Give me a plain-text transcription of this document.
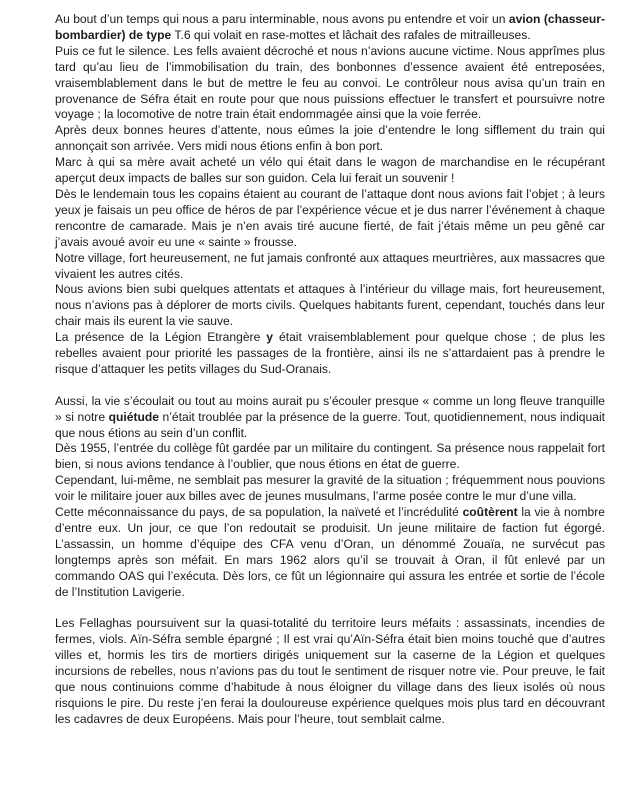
Au bout d’un temps qui nous a paru interminable, nous avons pu entendre et voir un avion (chasseur-bombardier) de type T.6 qui volait en rase-mottes et lâchait des rafales de mitrailleuses.

Puis ce fut le silence. Les fells avaient décroché et nous n’avions aucune victime. Nous apprîmes plus tard qu’au lieu de l’immobilisation du train, des bonbonnes d’essence avaient été entreposées, vraisemblablement dans le but de mettre le feu au convoi. Le contrôleur nous avisa qu’un train en provenance de Séfra était en route pour que nous puissions effectuer le transfert et poursuivre notre voyage ; la locomotive de notre train était endommagée ainsi que la voie ferrée.

Après deux bonnes heures d’attente, nous eûmes la joie d’entendre le long sifflement du train qui annonçait son arrivée. Vers midi nous étions enfin à bon port.

Marc à qui sa mère avait acheté un vélo qui était dans le wagon de marchandise en le récupérant aperçut deux impacts de balles sur son guidon. Cela lui ferait un souvenir !

Dès le lendemain tous les copains étaient au courant de l’attaque dont nous avions fait l’objet ; à leurs yeux je faisais un peu office de héros de par l’expérience vécue et je dus narrer l’événement à chaque rencontre de camarade. Mais je n’en avais tiré aucune fierté, de fait j’étais même un peu gêné car j’avais avoué avoir eu une « sainte » frousse.

Notre village, fort heureusement, ne fut jamais confronté aux attaques meurtrières, aux massacres que vivaient les autres cités.

Nous avions bien subi quelques attentats et attaques à l’intérieur du village mais, fort heureusement, nous n’avions pas à déplorer de morts civils. Quelques habitants furent, cependant, touchés dans leur chair mais ils eurent la vie sauve.

La présence de la Légion Etrangère y était vraisemblablement pour quelque chose ; de plus les rebelles avaient pour priorité les passages de la frontière, ainsi ils ne s’attardaient pas à prendre le risque d’attaquer les petits villages du Sud-Oranais.

Aussi, la vie s’écoulait ou tout au moins aurait pu s’écouler presque « comme un long fleuve tranquille » si notre quiétude n’était troublée par la présence de la guerre. Tout, quotidiennement, nous indiquait que nous étions au sein d’un conflit.

Dès 1955, l’entrée du collège fût gardée par un militaire du contingent. Sa présence nous rappelait fort bien, si nous avions tendance à l’oublier, que nous étions en état de guerre.

Cependant, lui-même, ne semblait pas mesurer la gravité de la situation ; fréquemment nous pouvions voir le militaire jouer aux billes avec de jeunes musulmans, l’arme posée contre le mur d’une villa.

Cette méconnaissance du pays, de sa population, la naïveté et l’incrédulité coûtèrent la vie à nombre d’entre eux. Un jour, ce que l’on redoutait se produisit. Un jeune militaire de faction fut égorgé. L’assassin, un homme d’équipe des CFA venu d’Oran, un dénommé Zouaïa, ne survécut pas longtemps après son méfait. En mars 1962 alors qu’il se trouvait à Oran, il fût enlevé par un commando OAS qui l’exécuta. Dès lors, ce fût un légionnaire qui assura les entrée et sortie de l’école de l’Institution Lavigerie.

Les Fellaghas poursuivent sur la quasi-totalité du territoire leurs méfaits : assassinats, incendies de fermes, viols. Aïn-Séfra semble épargné ; Il est vrai qu’Aïn-Séfra était bien moins touché que d’autres villes et, hormis les tirs de mortiers dirigés uniquement sur la caserne de la Légion et quelques incursions de rebelles, nous n’avions pas du tout le sentiment de risquer notre vie. Pour preuve, le fait que nous continuions comme d’habitude à nous éloigner du village dans des lieux isolés où nous risquions le pire. Du reste j’en ferai la douloureuse expérience quelques mois plus tard en découvrant les cadavres de deux Européens. Mais pour l’heure, tout semblait calme.
